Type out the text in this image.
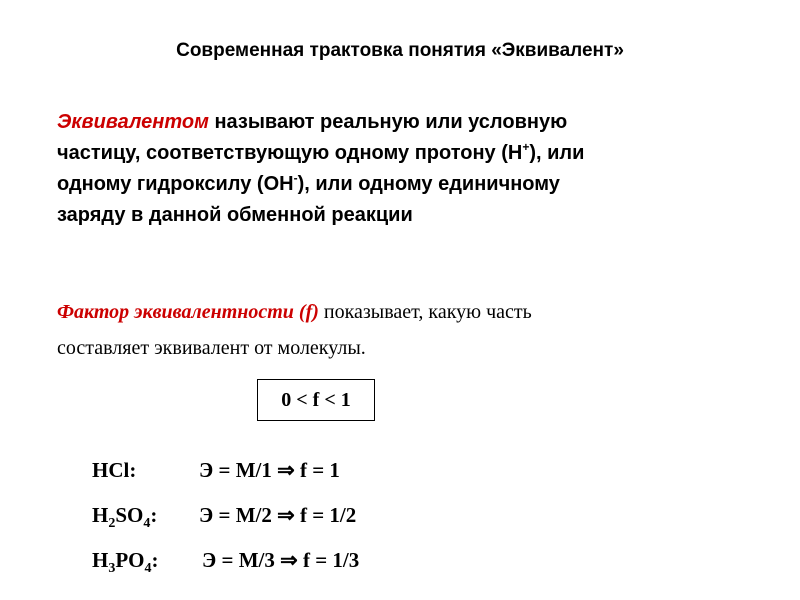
Современная трактовка понятия «Эквивалент»
Эквивалентом называют реальную или условную
частицу, соответствующую одному протону (Н+), или
одному гидроксилу (ОН-), или одному единичному
заряду в данной обменной реакции
Фактор эквивалентности (f) показывает, какую часть
составляет эквивалент от молекулы.
0 < f < 1
HCl:	Э = М/1 ⇒ f = 1
$H_2SO_4$: Э = М/2 ⇒ f = 1/2
$H_3PO_4$: Э = М/3 ⇒ f = 1/3
